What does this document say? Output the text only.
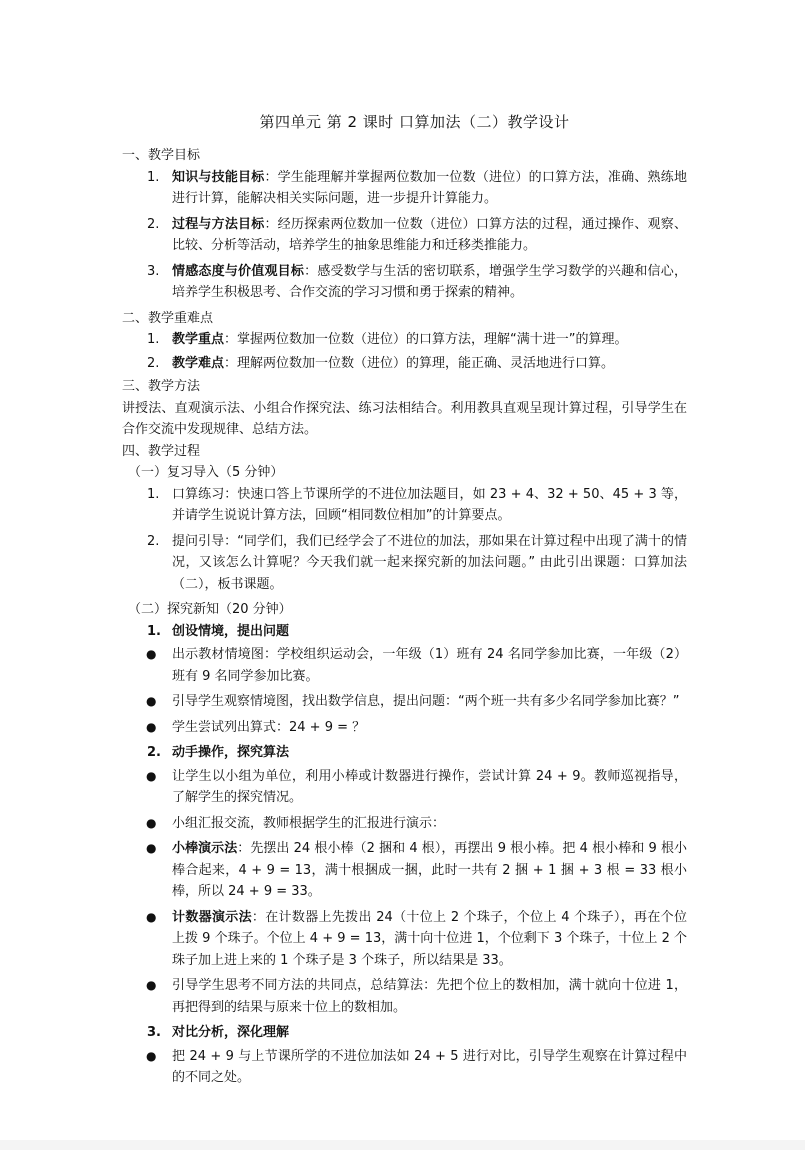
第四单元 第 2 课时 口算加法（二）教学设计
一、教学目标
1. 知识与技能目标：学生能理解并掌握两位数加一位数（进位）的口算方法，准确、熟练地进行计算，能解决相关实际问题，进一步提升计算能力。
2. 过程与方法目标：经历探索两位数加一位数（进位）口算方法的过程，通过操作、观察、比较、分析等活动，培养学生的抽象思维能力和迁移类推能力。
3. 情感态度与价值观目标：感受数学与生活的密切联系，增强学生学习数学的兴趣和信心，培养学生积极思考、合作交流的学习习惯和勇于探索的精神。
二、教学重难点
1. 教学重点：掌握两位数加一位数（进位）的口算方法，理解“满十进一”的算理。
2. 教学难点：理解两位数加一位数（进位）的算理，能正确、灵活地进行口算。
三、教学方法
讲授法、直观演示法、小组合作探究法、练习法相结合。利用教具直观呈现计算过程，引导学生在合作交流中发现规律、总结方法。
四、教学过程
（一）复习导入（5 分钟）
1. 口算练习：快速口答上节课所学的不进位加法题目，如 23 + 4、32 + 50、45 + 3 等，并请学生说说计算方法，回顾“相同数位相加”的计算要点。
2. 提问引导：“同学们，我们已经学会了不进位的加法，那如果在计算过程中出现了满十的情况，又该怎么计算呢？今天我们就一起来探究新的加法问题。” 由此引出课题：口算加法（二），板书课题。
（二）探究新知（20 分钟）
1. 创设情境，提出问题
●	出示教材情境图：学校组织运动会，一年级（1）班有 24 名同学参加比赛，一年级（2）班有 9 名同学参加比赛。
●	引导学生观察情境图，找出数学信息，提出问题：“两个班一共有多少名同学参加比赛？”
●	学生尝试列出算式：24 + 9 = ？
2. 动手操作，探究算法
●	让学生以小组为单位，利用小棒或计数器进行操作，尝试计算 24 + 9。教师巡视指导，了解学生的探究情况。
●	小组汇报交流，教师根据学生的汇报进行演示：
●	小棒演示法：先摆出 24 根小棒（2 捆和 4 根），再摆出 9 根小棒。把 4 根小棒和 9 根小棒合起来，4 + 9 = 13，满十根捆成一捆，此时一共有 2 捆 + 1 捆 + 3 根 = 33 根小棒，所以 24 + 9 = 33。
●	计数器演示法：在计数器上先拨出 24（十位上 2 个珠子，个位上 4 个珠子），再在个位上拨 9 个珠子。个位上 4 + 9 = 13，满十向十位进 1，个位剩下 3 个珠子，十位上 2 个珠子加上进上来的 1 个珠子是 3 个珠子，所以结果是 33。
●	引导学生思考不同方法的共同点，总结算法：先把个位上的数相加，满十就向十位进 1，再把得到的结果与原来十位上的数相加。
3. 对比分析，深化理解
●	把 24 + 9 与上节课所学的不进位加法如 24 + 5 进行对比，引导学生观察在计算过程中的不同之处。
